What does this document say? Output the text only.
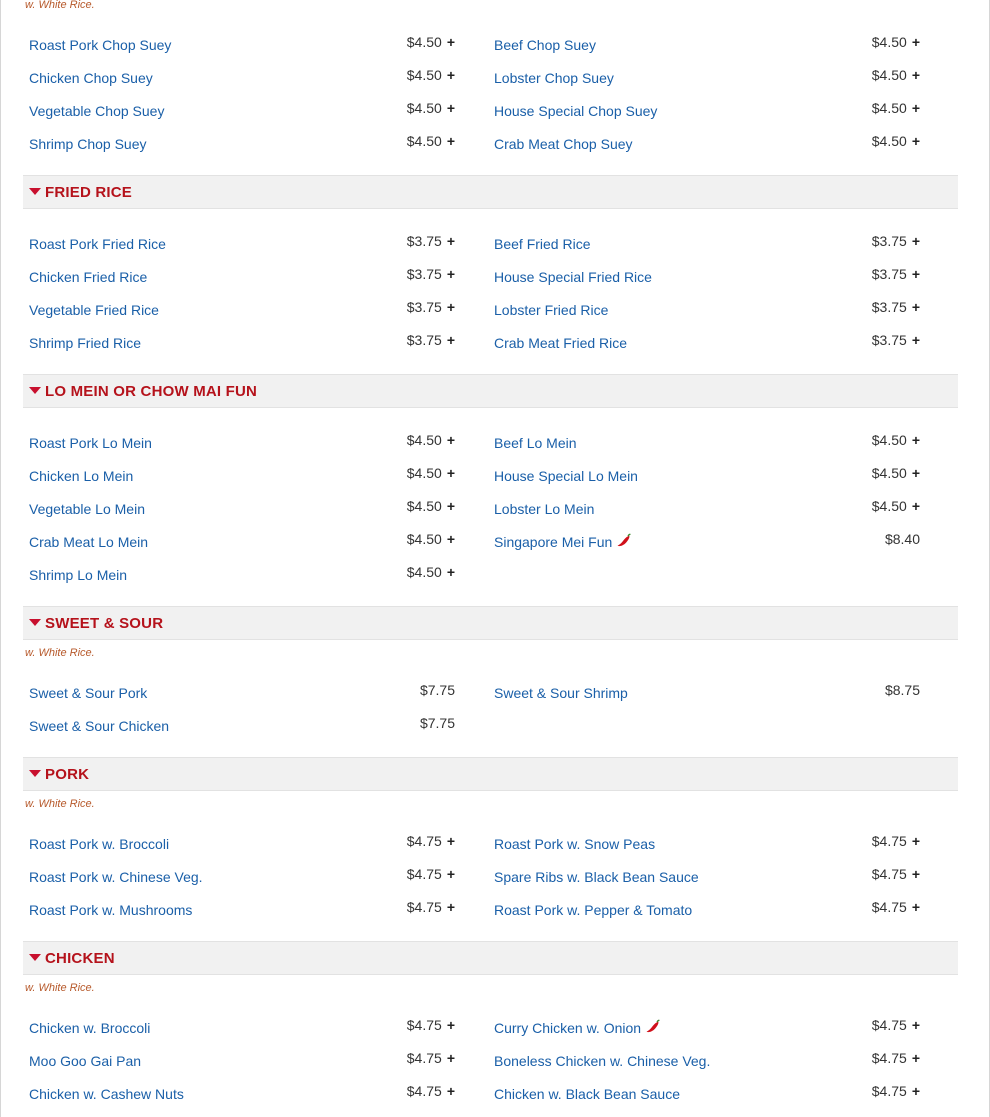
w. White Rice.
Roast Pork Chop Suey	$4.50 +	Beef Chop Suey	$4.50 +
Chicken Chop Suey	$4.50 +	Lobster Chop Suey	$4.50 +
Vegetable Chop Suey	$4.50 +	House Special Chop Suey	$4.50 +
Shrimp Chop Suey	$4.50 +	Crab Meat Chop Suey	$4.50 +
FRIED RICE
Roast Pork Fried Rice	$3.75 +	Beef Fried Rice	$3.75 +
Chicken Fried Rice	$3.75 +	House Special Fried Rice	$3.75 +
Vegetable Fried Rice	$3.75 +	Lobster Fried Rice	$3.75 +
Shrimp Fried Rice	$3.75 +	Crab Meat Fried Rice	$3.75 +
LO MEIN OR CHOW MAI FUN
Roast Pork Lo Mein	$4.50 +	Beef Lo Mein	$4.50 +
Chicken Lo Mein	$4.50 +	House Special Lo Mein	$4.50 +
Vegetable Lo Mein	$4.50 +	Lobster Lo Mein	$4.50 +
Crab Meat Lo Mein	$4.50 +	Singapore Mei Fun	$8.40
Shrimp Lo Mein	$4.50 +
SWEET & SOUR
w. White Rice.
Sweet & Sour Pork	$7.75	Sweet & Sour Shrimp	$8.75
Sweet & Sour Chicken	$7.75
PORK
w. White Rice.
Roast Pork w. Broccoli	$4.75 +	Roast Pork w. Snow Peas	$4.75 +
Roast Pork w. Chinese Veg.	$4.75 +	Spare Ribs w. Black Bean Sauce	$4.75 +
Roast Pork w. Mushrooms	$4.75 +	Roast Pork w. Pepper & Tomato	$4.75 +
CHICKEN
w. White Rice.
Chicken w. Broccoli	$4.75 +	Curry Chicken w. Onion	$4.75 +
Moo Goo Gai Pan	$4.75 +	Boneless Chicken w. Chinese Veg.	$4.75 +
Chicken w. Cashew Nuts	$4.75 +	Chicken w. Black Bean Sauce	$4.75 +
